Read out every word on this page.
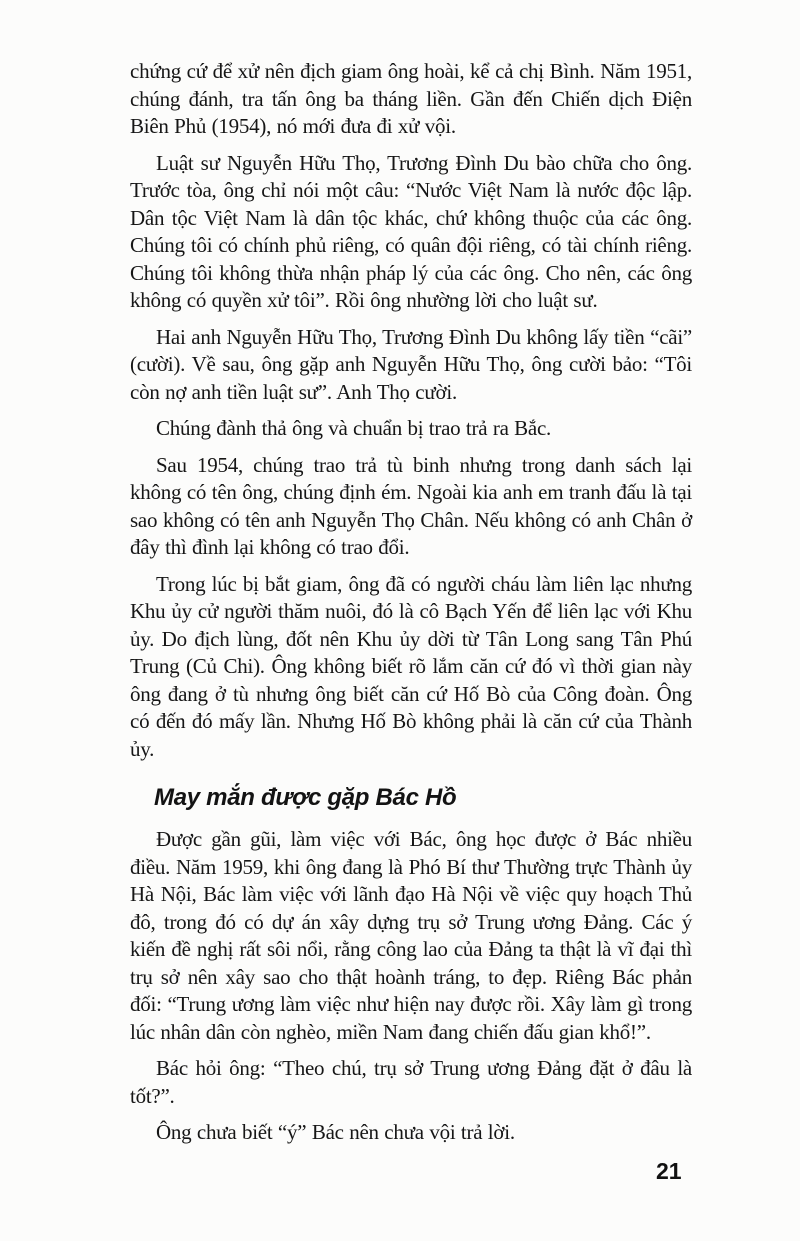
chứng cứ để xử nên địch giam ông hoài, kể cả chị Bình. Năm 1951, chúng đánh, tra tấn ông ba tháng liền. Gần đến Chiến dịch Điện Biên Phủ (1954), nó mới đưa đi xử vội.

Luật sư Nguyễn Hữu Thọ, Trương Đình Du bào chữa cho ông. Trước tòa, ông chỉ nói một câu: “Nước Việt Nam là nước độc lập. Dân tộc Việt Nam là dân tộc khác, chứ không thuộc của các ông. Chúng tôi có chính phủ riêng, có quân đội riêng, có tài chính riêng. Chúng tôi không thừa nhận pháp lý của các ông. Cho nên, các ông không có quyền xử tôi”. Rồi ông nhường lời cho luật sư.

Hai anh Nguyễn Hữu Thọ, Trương Đình Du không lấy tiền “cãi” (cười). Về sau, ông gặp anh Nguyễn Hữu Thọ, ông cười bảo: “Tôi còn nợ anh tiền luật sư”. Anh Thọ cười.

Chúng đành thả ông và chuẩn bị trao trả ra Bắc.

Sau 1954, chúng trao trả tù binh nhưng trong danh sách lại không có tên ông, chúng định ém. Ngoài kia anh em tranh đấu là tại sao không có tên anh Nguyễn Thọ Chân. Nếu không có anh Chân ở đây thì đình lại không có trao đổi.

Trong lúc bị bắt giam, ông đã có người cháu làm liên lạc nhưng Khu ủy cử người thăm nuôi, đó là cô Bạch Yến để liên lạc với Khu ủy. Do địch lùng, đốt nên Khu ủy dời từ Tân Long sang Tân Phú Trung (Củ Chi). Ông không biết rõ lắm căn cứ đó vì thời gian này ông đang ở tù nhưng ông biết căn cứ Hố Bò của Công đoàn. Ông có đến đó mấy lần. Nhưng Hố Bò không phải là căn cứ của Thành ủy.

May mắn được gặp Bác Hồ

Được gần gũi, làm việc với Bác, ông học được ở Bác nhiều điều. Năm 1959, khi ông đang là Phó Bí thư Thường trực Thành ủy Hà Nội, Bác làm việc với lãnh đạo Hà Nội về việc quy hoạch Thủ đô, trong đó có dự án xây dựng trụ sở Trung ương Đảng. Các ý kiến đề nghị rất sôi nổi, rằng công lao của Đảng ta thật là vĩ đại thì trụ sở nên xây sao cho thật hoành tráng, to đẹp. Riêng Bác phản đối: “Trung ương làm việc như hiện nay được rồi. Xây làm gì trong lúc nhân dân còn nghèo, miền Nam đang chiến đấu gian khổ!”.

Bác hỏi ông: “Theo chú, trụ sở Trung ương Đảng đặt ở đâu là tốt?”.

Ông chưa biết “ý” Bác nên chưa vội trả lời.

21
